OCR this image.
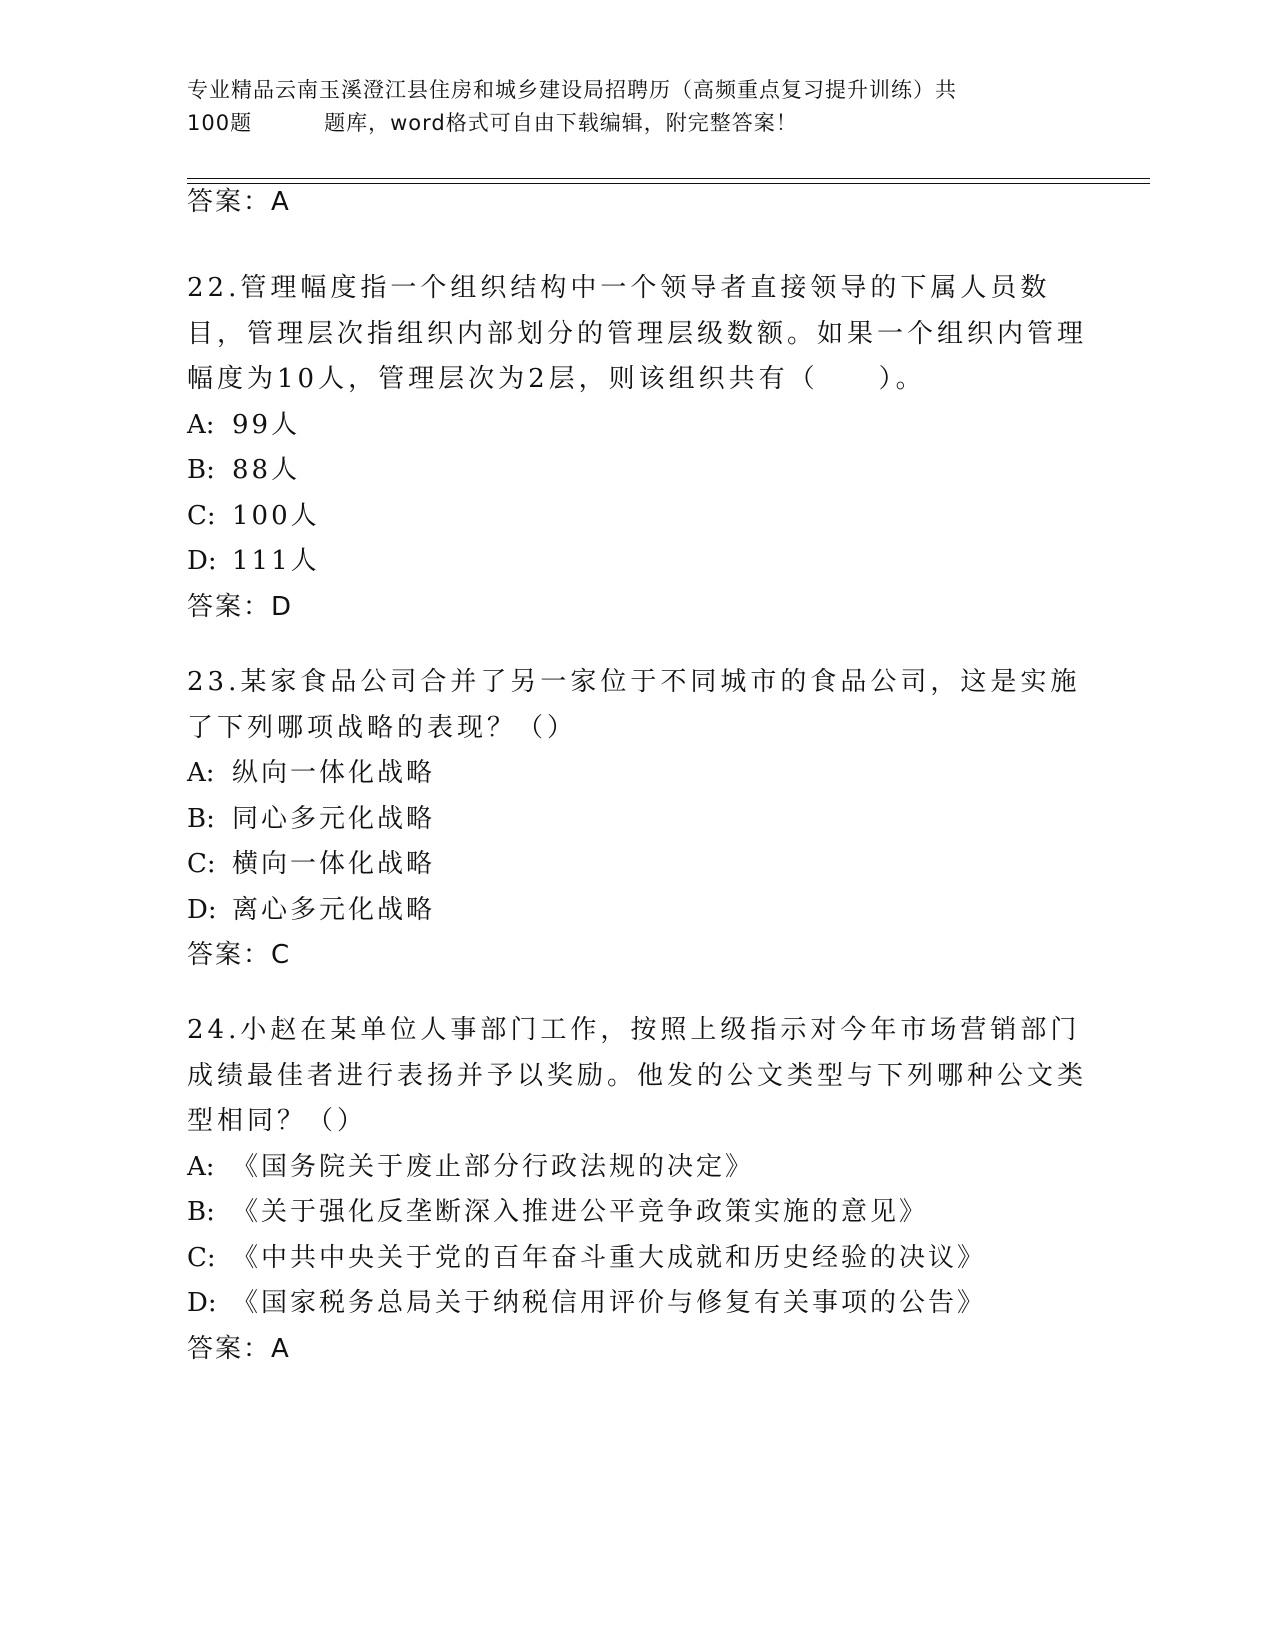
专业精品云南玉溪澄江县住房和城乡建设局招聘历（高频重点复习提升训练）共
100题	题库，word格式可自由下载编辑，附完整答案！

答案：A

22.管理幅度指一个组织结构中一个领导者直接领导的下属人员数目，管理层次指组织内部划分的管理层级数额。如果一个组织内管理幅度为10人，管理层次为2层，则该组织共有（　　）。

A: 99人

B: 88人

C: 100人

D: 111人

答案：D

23.某家食品公司合并了另一家位于不同城市的食品公司，这是实施了下列哪项战略的表现？（）

A: 纵向一体化战略

B: 同心多元化战略

C: 横向一体化战略

D: 离心多元化战略

答案：C

24.小赵在某单位人事部门工作，按照上级指示对今年市场营销部门成绩最佳者进行表扬并予以奖励。他发的公文类型与下列哪种公文类型相同？（）

A: 《国务院关于废止部分行政法规的决定》

B: 《关于强化反垄断深入推进公平竞争政策实施的意见》

C: 《中共中央关于党的百年奋斗重大成就和历史经验的决议》

D: 《国家税务总局关于纳税信用评价与修复有关事项的公告》

答案：A
